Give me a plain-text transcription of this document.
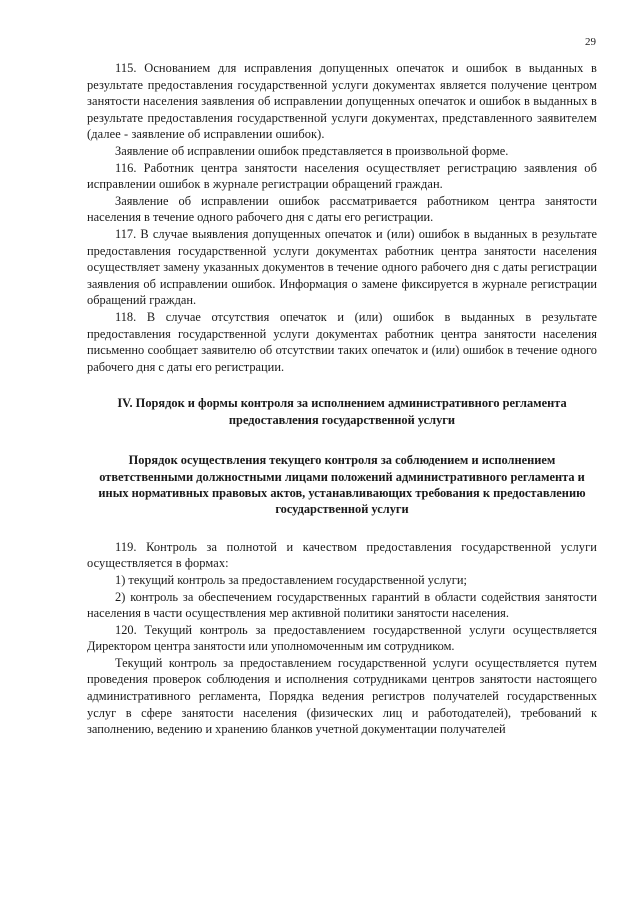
29

115. Основанием для исправления допущенных опечаток и ошибок в выданных в результате предоставления государственной услуги документах является получение центром занятости населения заявления об исправлении допущенных опечаток и ошибок в выданных в результате предоставления государственной услуги документах, представленного заявителем (далее - заявление об исправлении ошибок).

Заявление об исправлении ошибок представляется в произвольной форме.

116. Работник центра занятости населения осуществляет регистрацию заявления об исправлении ошибок в журнале регистрации обращений граждан.

Заявление об исправлении ошибок рассматривается работником центра занятости населения в течение одного рабочего дня с даты его регистрации.

117. В случае выявления допущенных опечаток и (или) ошибок в выданных в результате предоставления государственной услуги документах работник центра занятости населения осуществляет замену указанных документов в течение одного рабочего дня с даты регистрации заявления об исправлении ошибок. Информация о замене фиксируется в журнале регистрации обращений граждан.

118. В случае отсутствия опечаток и (или) ошибок в выданных в результате предоставления государственной услуги документах работник центра занятости населения письменно сообщает заявителю об отсутствии таких опечаток и (или) ошибок в течение одного рабочего дня с даты его регистрации.

IV. Порядок и формы контроля за исполнением административного регламента предоставления государственной услуги
Порядок осуществления текущего контроля за соблюдением и исполнением ответственными должностными лицами положений административного регламента и иных нормативных правовых актов, устанавливающих требования к предоставлению государственной услуги

119. Контроль за полнотой и качеством предоставления государственной услуги осуществляется в формах:

1) текущий контроль за предоставлением государственной услуги;

2) контроль за обеспечением государственных гарантий в области содействия занятости населения в части осуществления мер активной политики занятости населения.

120. Текущий контроль за предоставлением государственной услуги осуществляется Директором центра занятости или уполномоченным им сотрудником.

Текущий контроль за предоставлением государственной услуги осуществляется путем проведения проверок соблюдения и исполнения сотрудниками центров занятости настоящего административного регламента, Порядка ведения регистров получателей государственных услуг в сфере занятости населения (физических лиц и работодателей), требований к заполнению, ведению и хранению бланков учетной документации получателей
